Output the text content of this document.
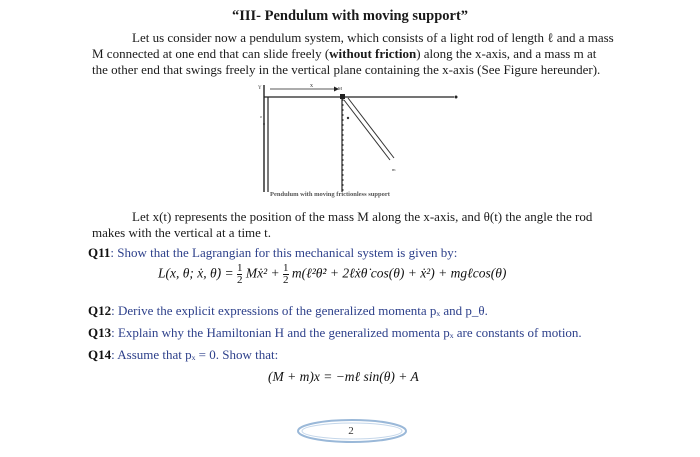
“III- Pendulum with moving support”
Let us consider now a pendulum system, which consists of a light rod of length ℓ and a mass
M connected at one end that can slide freely (without friction) along the x-axis, and a mass m at
the other end that swings freely in the vertical plane containing the x-axis (See Figure hereunder).
Y	x	M
m
o
Pendulum with moving frictionless support
Let x(t) represents the position of the mass M along the x-axis, and θ(t) the angle the rod
makes with the vertical at a time t.
Q11: Show that the Lagrangian for this mechanical system is given by:
L(x, θ; ẋ, θ̇) = $\frac{1}{2}$ Mẋ² + $\frac{1}{2}$ m(ℓ²θ̇² + 2ℓẋθ̇ cos(θ) + ẋ²) + mgℓcos(θ)
Q12: Derive the explicit expressions of the generalized momenta pₓ and p_θ.
Q13: Explain why the Hamiltonian H and the generalized momenta pₓ are constants of motion.
Q14: Assume that pₓ = 0. Show that:
(M + m)x = −mℓ sin(θ) + A
2
